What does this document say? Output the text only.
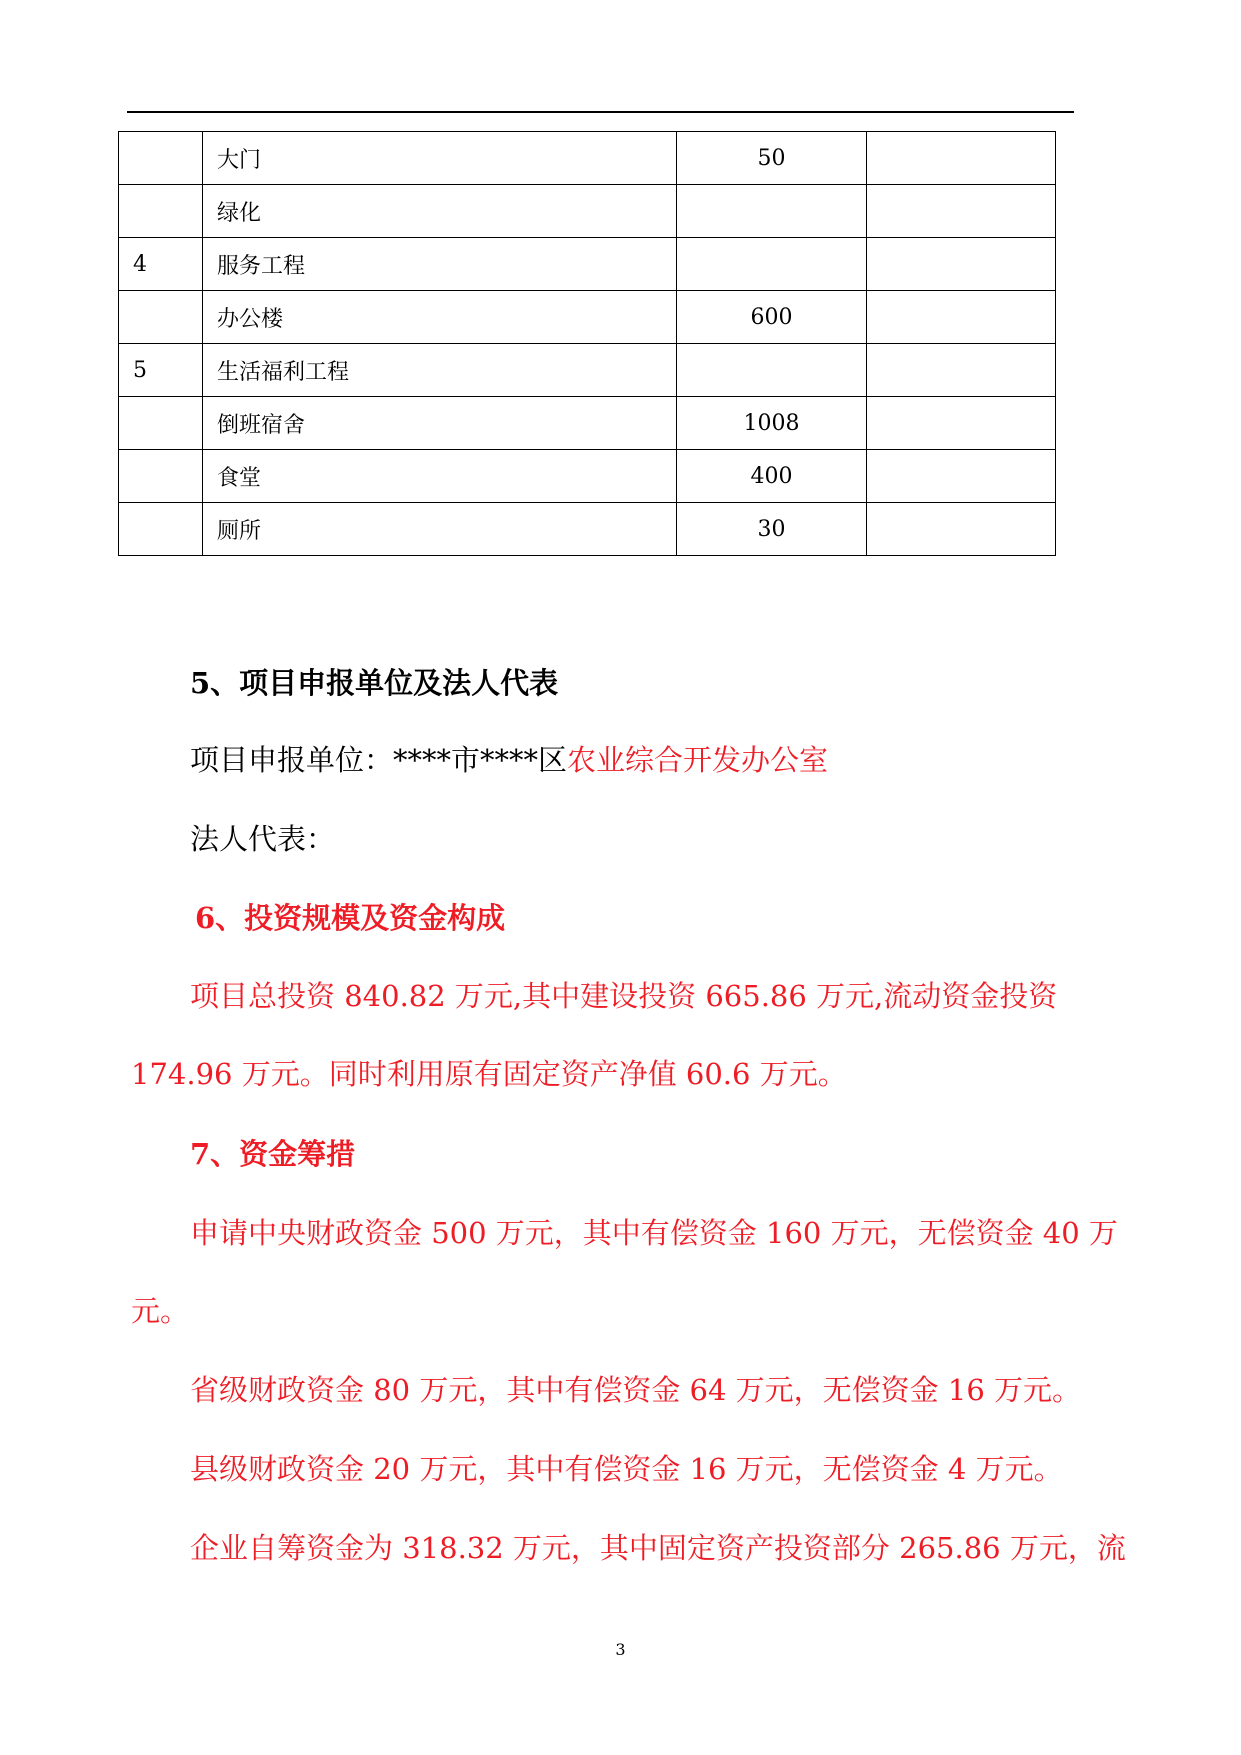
	大门	50	
	绿化		
4	服务工程		
	办公楼	600	
5	生活福利工程		
	倒班宿舍	1008	
	食堂	400	
	厕所	30	
5、项目申报单位及法人代表
项目申报单位：****市****区农业综合开发办公室
法人代表：
6、投资规模及资金构成
项目总投资 840.82 万元,其中建设投资 665.86 万元,流动资金投资
174.96 万元。同时利用原有固定资产净值 60.6 万元。
7、资金筹措
申请中央财政资金 500 万元，其中有偿资金 160 万元，无偿资金 40 万
元。
省级财政资金 80 万元，其中有偿资金 64 万元，无偿资金 16 万元。
县级财政资金 20 万元，其中有偿资金 16 万元，无偿资金 4 万元。
企业自筹资金为 318.32 万元，其中固定资产投资部分 265.86 万元，流
3
